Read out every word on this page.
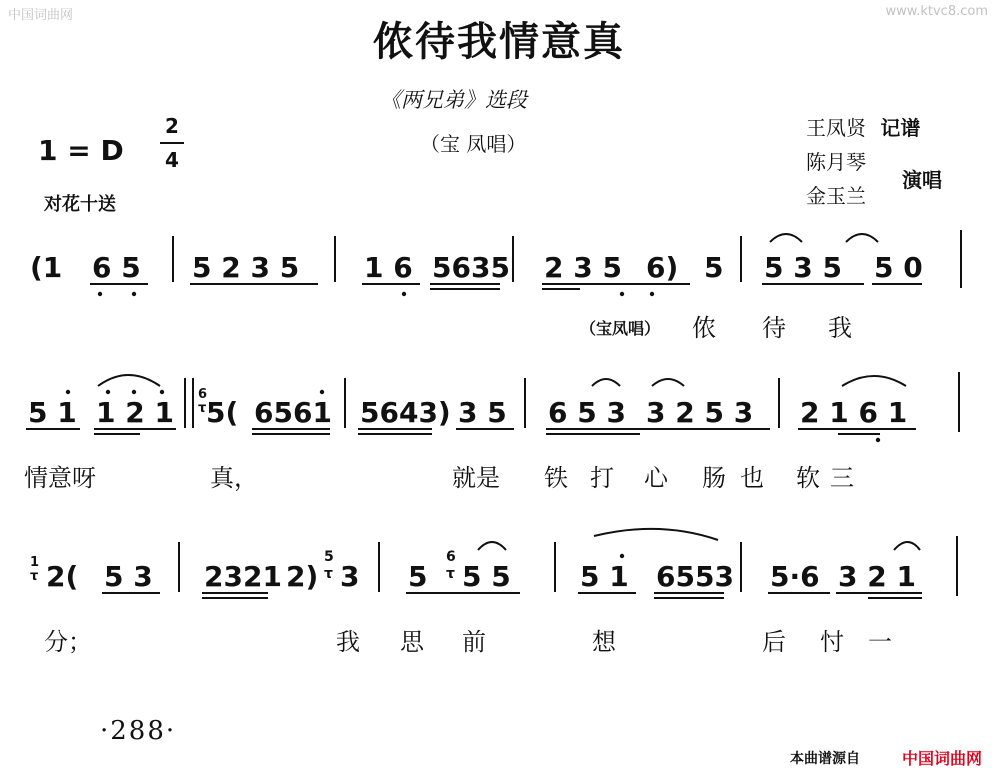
中国词曲网	www.ktvc8.com
侬待我情意真
《两兄弟》选段
（宝 凤唱）
1 = D
2
4
对花十送
王凤贤 记谱
陈月琴
金玉兰
演唱
(1 6 5 5 2 3 5 1 6 5635 2 3 5 6) 5 5 3 5 5 0
5 1 1 2 1 5( 6561 5643) 3 5 6 5 3 3 2 5 3 2 1 6 1
2( 5 3 2321 2) 3 5 5 5 5 1 6553 5·6 3 2 1
6
τ
1
τ
5
τ
6
τ
（宝凤唱） 侬 待 我
情意呀	真，	就是 铁 打 心 肠 也 软 三
分；	我 思 前	想	后 忖 一
·288·
本曲谱源自	中国词曲网
